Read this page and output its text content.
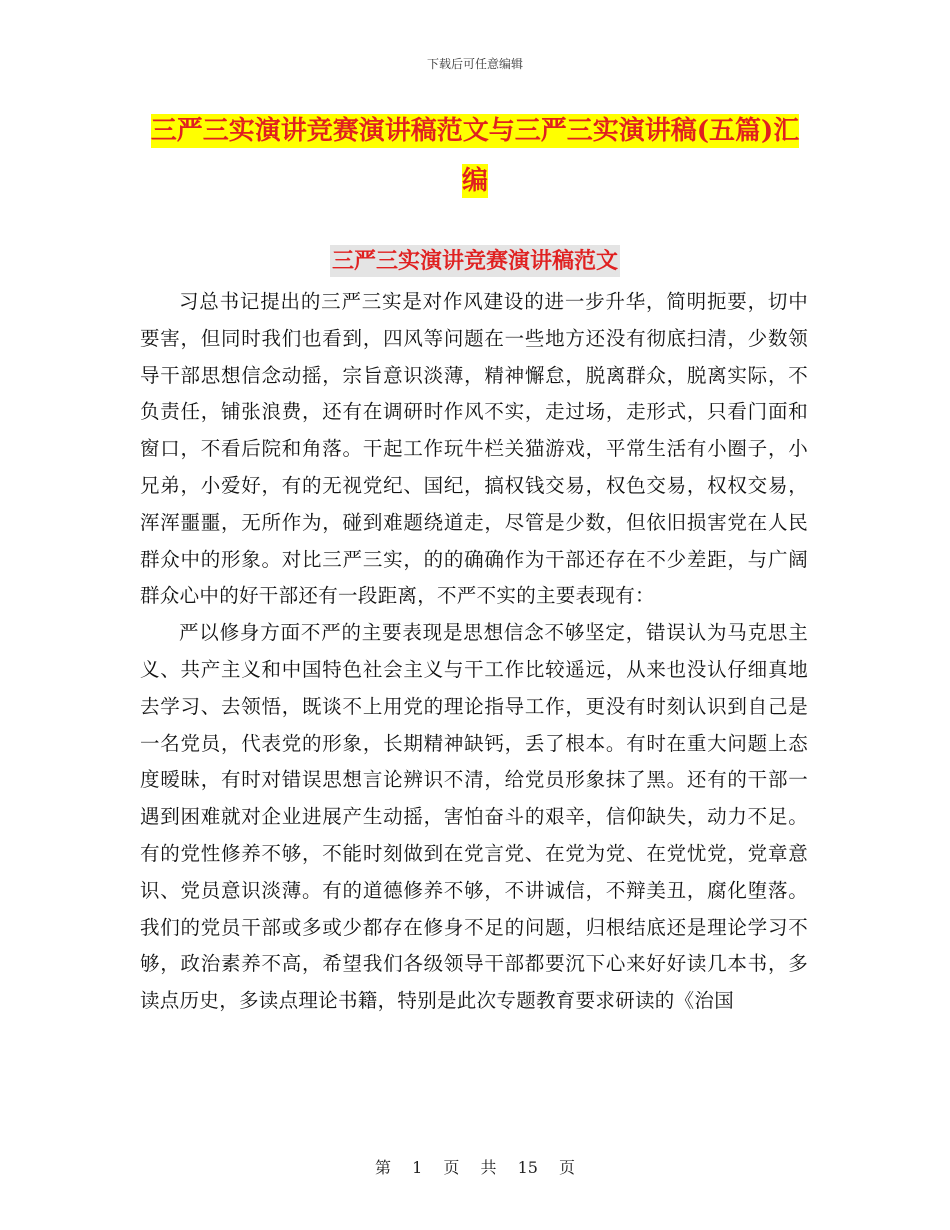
下载后可任意编辑
三严三实演讲竞赛演讲稿范文与三严三实演讲稿(五篇)汇编
三严三实演讲竞赛演讲稿范文

习总书记提出的三严三实是对作风建设的进一步升华，简明扼要，切中要害，但同时我们也看到，四风等问题在一些地方还没有彻底扫清，少数领导干部思想信念动摇，宗旨意识淡薄，精神懈怠，脱离群众，脱离实际，不负责任，铺张浪费，还有在调研时作风不实，走过场，走形式，只看门面和窗口，不看后院和角落。干起工作玩牛栏关猫游戏，平常生活有小圈子，小兄弟，小爱好，有的无视党纪、国纪，搞权钱交易，权色交易，权权交易，浑浑噩噩，无所作为，碰到难题绕道走，尽管是少数，但依旧损害党在人民群众中的形象。对比三严三实，的的确确作为干部还存在不少差距，与广阔群众心中的好干部还有一段距离，不严不实的主要表现有：

严以修身方面不严的主要表现是思想信念不够坚定，错误认为马克思主义、共产主义和中国特色社会主义与干工作比较遥远，从来也没认仔细真地去学习、去领悟，既谈不上用党的理论指导工作，更没有时刻认识到自己是一名党员，代表党的形象，长期精神缺钙，丢了根本。有时在重大问题上态度暧昧，有时对错误思想言论辨识不清，给党员形象抹了黑。还有的干部一遇到困难就对企业进展产生动摇，害怕奋斗的艰辛，信仰缺失，动力不足。有的党性修养不够，不能时刻做到在党言党、在党为党、在党忧党，党章意识、党员意识淡薄。有的道德修养不够，不讲诚信，不辩美丑，腐化堕落。我们的党员干部或多或少都存在修身不足的问题，归根结底还是理论学习不够，政治素养不高，希望我们各级领导干部都要沉下心来好好读几本书，多读点历史，多读点理论书籍，特别是此次专题教育要求研读的《治国

第 1 页 共 15 页
